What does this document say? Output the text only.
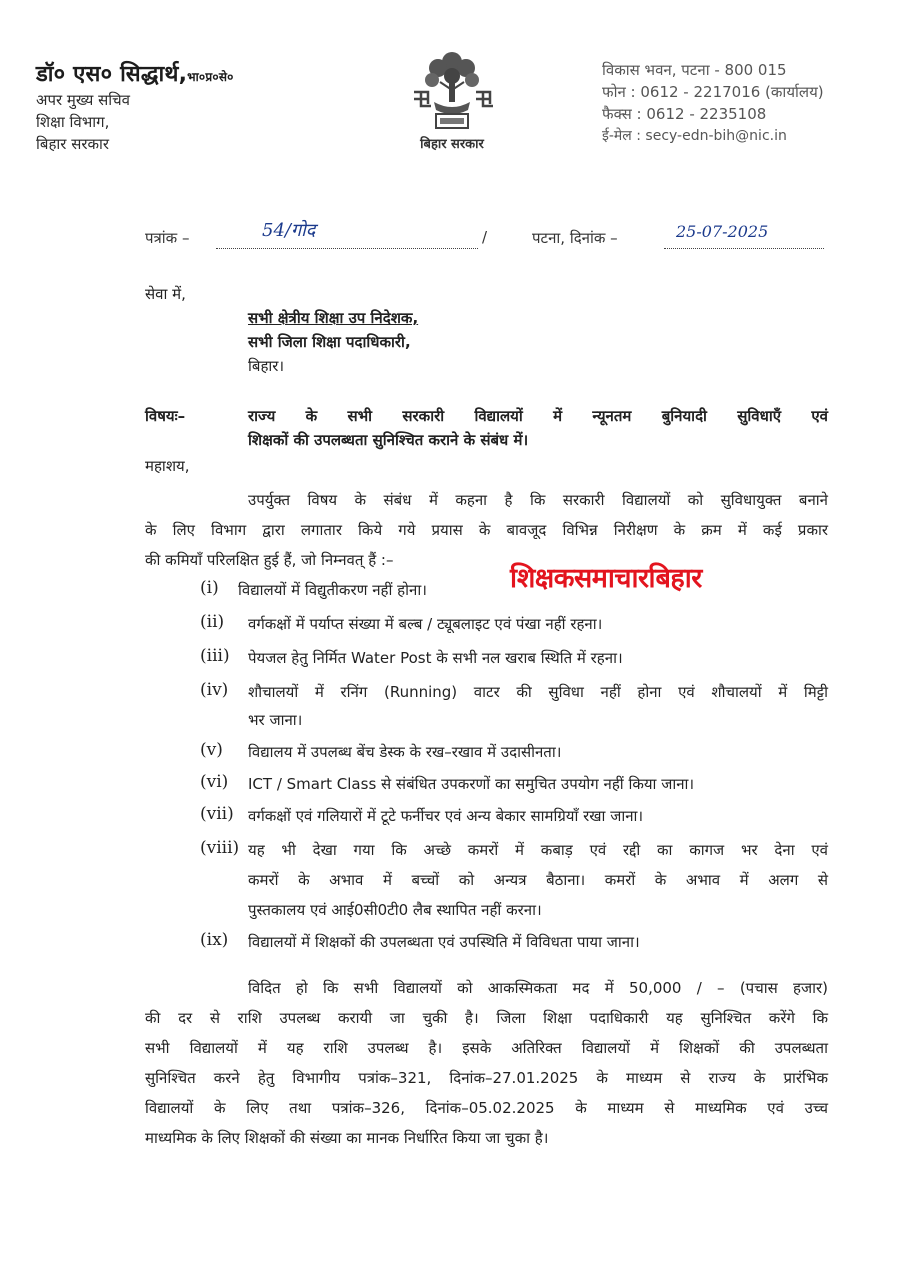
डॉ० एस० सिद्धार्थ,भा०प्र०से०
अपर मुख्य सचिव
शिक्षा विभाग,
बिहार सरकार	बिहार सरकार
विकास भवन, पटना - 800 015
फोन : 0612 - 2217016 (कार्यालय)
फैक्स : 0612 - 2235108
ई-मेल : secy-edn-bih@nic.in
पत्रांक –	54/गोद	/	पटना, दिनांक –	25-07-2025
सेवा में,
सभी क्षेत्रीय शिक्षा उप निदेशक,
सभी जिला शिक्षा पदाधिकारी,
बिहार।
विषयः–	राज्य के सभी सरकारी विद्यालयों में न्यूनतम बुनियादी सुविधाएँ एवं
शिक्षकों की उपलब्धता सुनिश्चित कराने के संबंध में।
महाशय,
उपर्युक्त विषय के संबंध में कहना है कि सरकारी विद्यालयों को सुविधायुक्त बनाने
के लिए विभाग द्वारा लगातार किये गये प्रयास के बावजूद विभिन्न निरीक्षण के क्रम में कई प्रकार
की कमियाँ परिलक्षित हुई हैं, जो निम्नवत् हैं :–
शिक्षकसमाचारबिहार
(i) विद्यालयों में विद्युतीकरण नहीं होना।
(ii) वर्गकक्षों में पर्याप्त संख्या में बल्ब / ट्यूबलाइट एवं पंखा नहीं रहना।
(iii) पेयजल हेतु निर्मित Water Post के सभी नल खराब स्थिति में रहना।
(iv) शौचालयों में रनिंग (Running) वाटर की सुविधा नहीं होना एवं शौचालयों में मिट्टी
भर जाना।
(v) विद्यालय में उपलब्ध बेंच डेस्क के रख–रखाव में उदासीनता।
(vi) ICT / Smart Class से संबंधित उपकरणों का समुचित उपयोग नहीं किया जाना।
(vii) वर्गकक्षों एवं गलियारों में टूटे फर्नीचर एवं अन्य बेकार सामग्रियाँ रखा जाना।
(viii) यह भी देखा गया कि अच्छे कमरों में कबाड़ एवं रद्दी का कागज भर देना एवं
कमरों के अभाव में बच्चों को अन्यत्र बैठाना। कमरों के अभाव में अलग से
पुस्तकालय एवं आई0सी0टी0 लैब स्थापित नहीं करना।
(ix) विद्यालयों में शिक्षकों की उपलब्धता एवं उपस्थिति में विविधता पाया जाना।
विदित हो कि सभी विद्यालयों को आकस्मिकता मद में 50,000 / – (पचास हजार)
की दर से राशि उपलब्ध करायी जा चुकी है। जिला शिक्षा पदाधिकारी यह सुनिश्चित करेंगे कि
सभी विद्यालयों में यह राशि उपलब्ध है। इसके अतिरिक्त विद्यालयों में शिक्षकों की उपलब्धता
सुनिश्चित करने हेतु विभागीय पत्रांक–321, दिनांक–27.01.2025 के माध्यम से राज्य के प्रारंभिक
विद्यालयों के लिए तथा पत्रांक–326, दिनांक–05.02.2025 के माध्यम से माध्यमिक एवं उच्च
माध्यमिक के लिए शिक्षकों की संख्या का मानक निर्धारित किया जा चुका है।
